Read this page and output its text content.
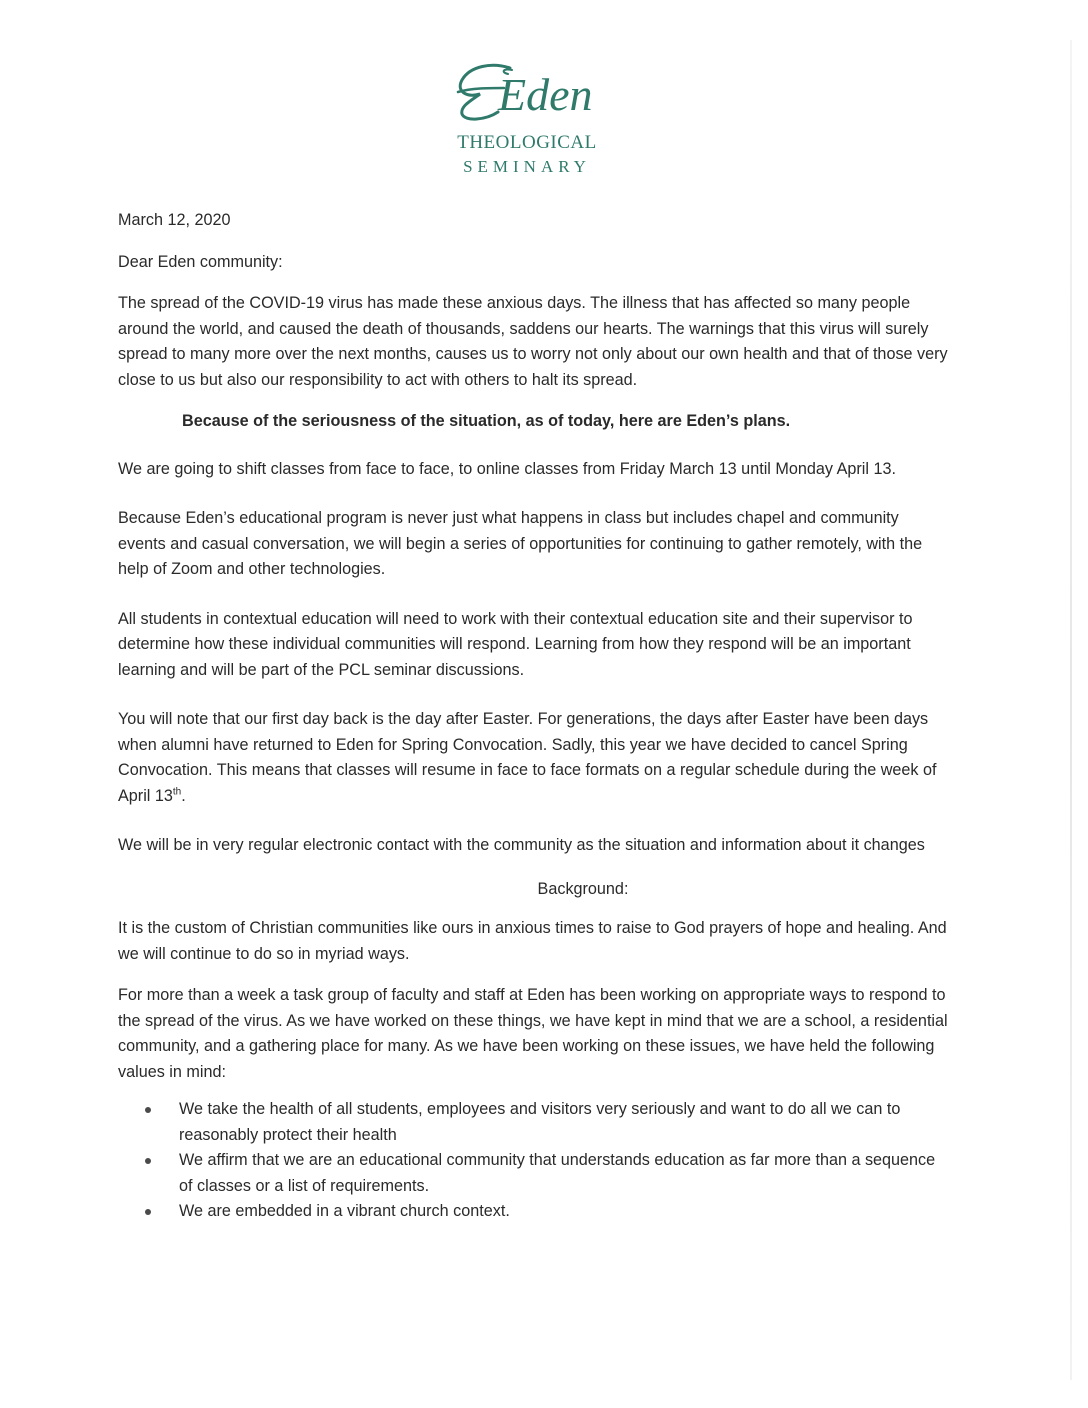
Eden
THEOLOGICAL
SEMINARY

March 12, 2020

Dear Eden community:

The spread of the COVID-19 virus has made these anxious days. The illness that has affected so many people around the world, and caused the death of thousands, saddens our hearts. The warnings that this virus will surely spread to many more over the next months, causes us to worry not only about our own health and that of those very close to us but also our responsibility to act with others to halt its spread.

Because of the seriousness of the situation, as of today, here are Eden’s plans.

We are going to shift classes from face to face, to online classes from Friday March 13 until Monday April 13.

Because Eden’s educational program is never just what happens in class but includes chapel and community events and casual conversation, we will begin a series of opportunities for continuing to gather remotely, with the help of Zoom and other technologies.

All students in contextual education will need to work with their contextual education site and their supervisor to determine how these individual communities will respond. Learning from how they respond will be an important learning and will be part of the PCL seminar discussions.

You will note that our first day back is the day after Easter. For generations, the days after Easter have been days when alumni have returned to Eden for Spring Convocation. Sadly, this year we have decided to cancel Spring Convocation. This means that classes will resume in face to face formats on a regular schedule during the week of April 13th.

We will be in very regular electronic contact with the community as the situation and information about it changes

Background:

It is the custom of Christian communities like ours in anxious times to raise to God prayers of hope and healing. And we will continue to do so in myriad ways.

For more than a week a task group of faculty and staff at Eden has been working on appropriate ways to respond to the spread of the virus. As we have worked on these things, we have kept in mind that we are a school, a residential community, and a gathering place for many. As we have been working on these issues, we have held the following values in mind:

We take the health of all students, employees and visitors very seriously and want to do all we can to reasonably protect their health
We affirm that we are an educational community that understands education as far more than a sequence of classes or a list of requirements.
We are embedded in a vibrant church context.
